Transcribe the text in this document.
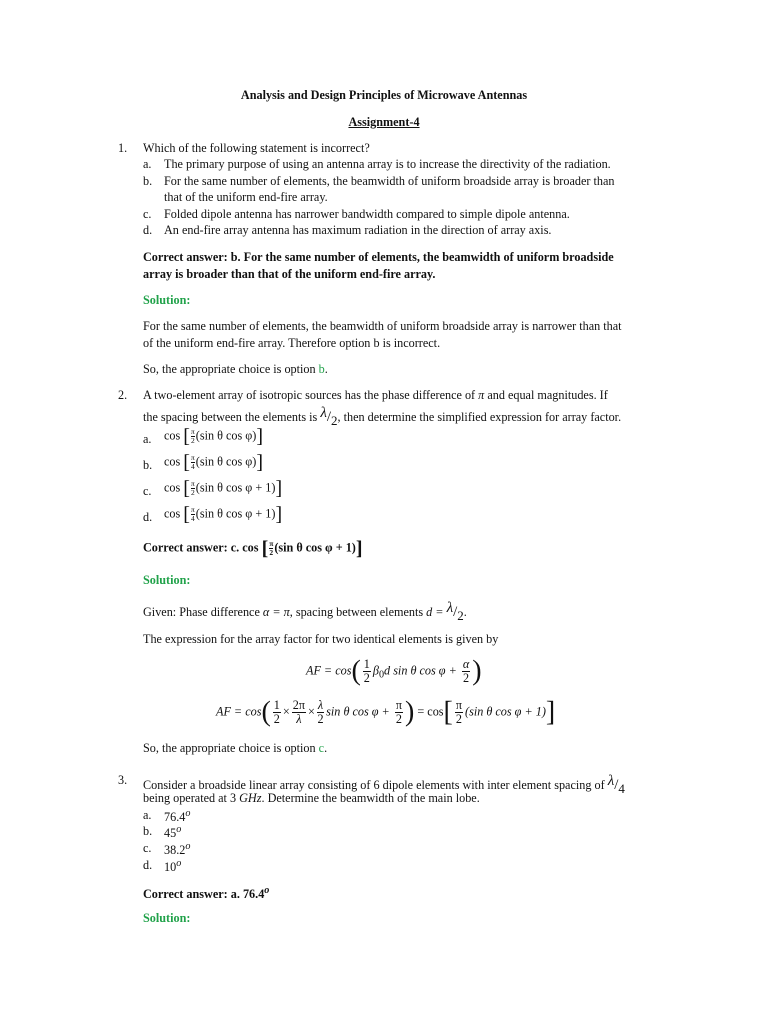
Analysis and Design Principles of Microwave Antennas
Assignment-4
1. Which of the following statement is incorrect?
a. The primary purpose of using an antenna array is to increase the directivity of the radiation.
b. For the same number of elements, the beamwidth of uniform broadside array is broader than
that of the uniform end-fire array.
c. Folded dipole antenna has narrower bandwidth compared to simple dipole antenna.
d. An end-fire array antenna has maximum radiation in the direction of array axis.
Correct answer: b. For the same number of elements, the beamwidth of uniform broadside
array is broader than that of the uniform end-fire array.
Solution:
For the same number of elements, the beamwidth of uniform broadside array is narrower than that
of the uniform end-fire array. Therefore option b is incorrect.
So, the appropriate choice is option b.
2. A two-element array of isotropic sources has the phase difference of π and equal magnitudes. If
the spacing between the elements is λ/2, then determine the simplified expression for array factor.
a. cos [ $\frac{\pi}{2} (\sin$ θ cos φ)]
b. cos [ $\frac{\pi}{4} (\sin$ θ cos φ)]
c. cos [ $\frac{\pi}{2} (\sin$ θ cos φ + 1)]
d. cos [ $\frac{\pi}{4} (\sin$ θ cos φ + 1)]
Correct answer: c. cos [ $\frac{\pi}{2} (\sin$ θ cos φ + 1)]
Solution:
Given: Phase difference α = π, spacing between elements d = λ/2.
The expression for the array factor for two identical elements is given by
AF = $\cos( \frac{1}{2} \beta_0d$ sin θ $\cos \varphi + \frac{\alpha}{2}$ )
AF = $\cos( \frac{1}{2} \times \frac{2\pi}{\lambda} \times \frac{\lambda}{2}$ sin θ $\cos \varphi + \frac{\pi}{2}$ ) = $\cos[ \frac{\pi}{2} (\sin$ θ cos φ + 1)]
So, the appropriate choice is option c.
3. Consider a broadside linear array consisting of 6 dipole elements with inter element spacing of λ/4
being operated at 3 GHz. Determine the beamwidth of the main lobe.
a. 76.4$^o$
b. 45$^o$
c. 38.2$^o$
d. 10$^o$
Correct answer: a. 76.4$^o$
Solution:
